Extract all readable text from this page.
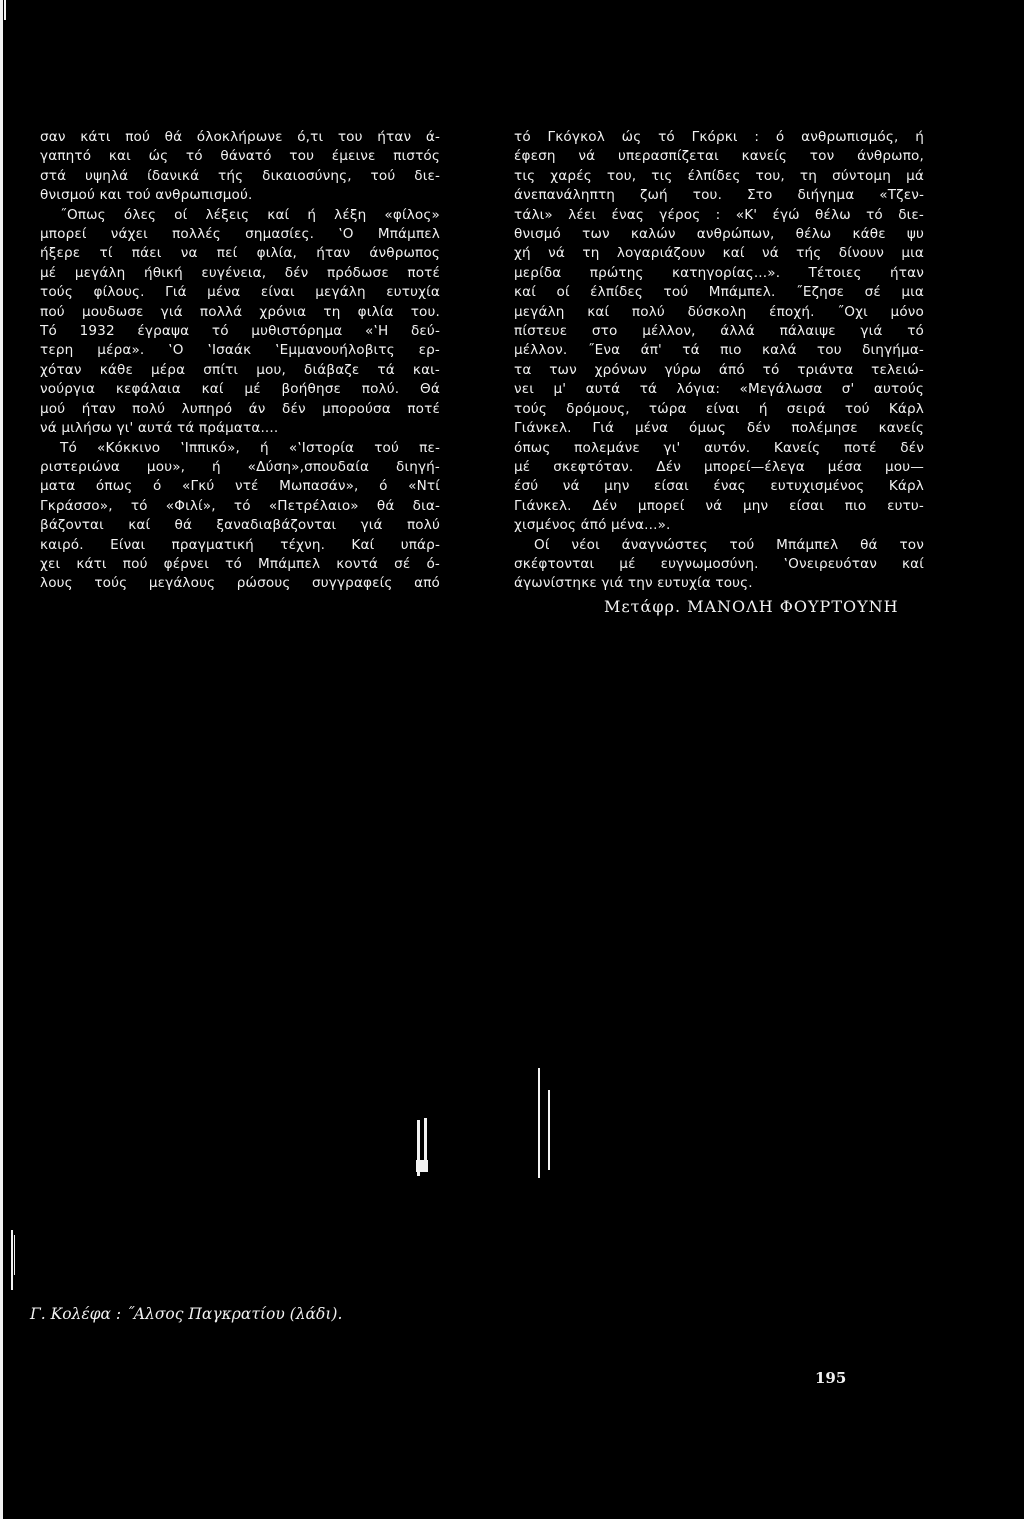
σαν κάτι πού θά όλοκλήρωνε ό,τι του ήταν ά-
γαπητό και ώς τό θάνατό του έμεινε πιστός
στά υψηλά ίδανικά τής δικαιοσύνης, τού διε-
θνισμού και τού ανθρωπισμού.
˝Οπως όλες οί λέξεις καί ή λέξη «φίλος»
μπορεί νάχει πολλές σημασίες. ‛Ο Μπάμπελ
ήξερε τί πάει να πεί φιλία, ήταν άνθρωπος
μέ μεγάλη ήθική ευγένεια, δέν πρόδωσε ποτέ
τούς φίλους. Γιά μένα είναι μεγάλη ευτυχία
πού μουδωσε γιά πολλά χρόνια τη φιλία του.
Τό 1932 έγραψα τό μυθιστόρημα «‛Η δεύ-
τερη μέρα». ‛Ο ‛Ισαάκ ‛Εμμανουήλοβιτς ερ-
χόταν κάθε μέρα σπίτι μου, διάβαζε τά και-
νούργια κεφάλαια καί μέ βοήθησε πολύ. Θά
μού ήταν πολύ λυπηρό άν δέν μπορούσα ποτέ
νά μιλήσω γι' αυτά τά πράματα....
Τό «Κόκκινο ‛Ιππικό», ή «‛Ιστορία τού πε-
ριστεριώνα μου», ή «Δύση»,σπουδαία διηγή-
ματα όπως ό «Γκύ ντέ Μωπασάν», ό «Ντί
Γκράσσο», τό «Φιλί», τό «Πετρέλαιο» θά δια-
βάζονται καί θά ξαναδιαβάζονται γιά πολύ
καιρό. Είναι πραγματική τέχνη. Καί υπάρ-
χει κάτι πού φέρνει τό Μπάμπελ κοντά σέ ό-
λους τούς μεγάλους ρώσους συγγραφείς από
τό Γκόγκολ ώς τό Γκόρκι : ό ανθρωπισμός, ή
έφεση νά υπερασπίζεται κανείς τον άνθρωπο,
τις χαρές του, τις έλπίδες του, τη σύντομη μά
άνεπανάληπτη ζωή του. Στο διήγημα «Τζεν-
τάλι» λέει ένας γέρος : «Κ' έγώ θέλω τό διε-
θνισμό των καλών ανθρώπων, θέλω κάθε ψυ
χή νά τη λογαριάζουν καί νά τής δίνουν μια
μερίδα πρώτης κατηγορίας...». Τέτοιες ήταν
καί οί έλπίδες τού Μπάμπελ. ˝Εζησε σέ μια
μεγάλη καί πολύ δύσκολη έποχή. ˝Οχι μόνο
πίστευε στο μέλλον, άλλά πάλαιψε γιά τό
μέλλον. ˝Ενα άπ' τά πιο καλά του διηγήμα-
τα των χρόνων γύρω άπό τό τριάντα τελειώ-
νει μ' αυτά τά λόγια: «Μεγάλωσα σ' αυτούς
τούς δρόμους, τώρα είναι ή σειρά τού Κάρλ
Γιάνκελ. Γιά μένα όμως δέν πολέμησε κανείς
όπως πολεμάνε γι' αυτόν. Κανείς ποτέ δέν
μέ σκεφτόταν. Δέν μπορεί—έλεγα μέσα μου—
έσύ νά μην είσαι ένας ευτυχισμένος Κάρλ
Γιάνκελ. Δέν μπορεί νά μην είσαι πιο ευτυ-
χισμένος άπό μένα...».
Οί νέοι άναγνώστες τού Μπάμπελ θά τον
σκέφτονται μέ ευγνωμοσύνη. ‛Ονειρευόταν καί
άγωνίστηκε γιά την ευτυχία τους.
Μετάφρ. ΜΑΝΟΛΗ ΦΟΥΡΤΟΥΝΗ
Γ. Κολέφα : ˝Αλσος Παγκρατίου (λάδι).
195
